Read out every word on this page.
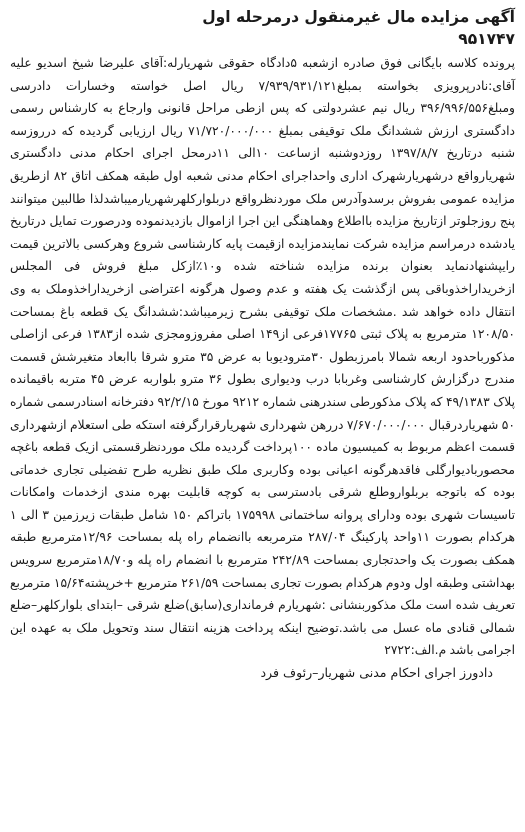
آگهی مزایده مال غیرمنقول درمرحله اول

۹۵۱۷۴۷

پرونده کلاسه بایگانی فوق صادره ازشعبه ۵دادگاه حقوقی شهریارله:آقای علیرضا شیخ اسدیو علیه آقای:نادرپرویزی بخواسته بمبلغ۷/۹۳۹/۹۳۱/۱۲۱ ریال اصل خواسته وخسارات دادرسی ومبلغ۳۹۶/۹۹۶/۵۵۶ ریال نیم عشردولتی که پس ازطی مراحل قانونی وارجاع به کارشناس رسمی دادگستری ارزش ششدانگ ملک توقیفی بمبلغ ۷۱/۷۲۰/۰۰۰/۰۰۰ ریال ارزیابی گردیده که درروزسه شنبه درتاریخ ۱۳۹۷/۸/۷ روزدوشنبه ازساعت ۱۰الی ۱۱درمحل اجرای احکام مدنی دادگستری شهریارواقع درشهریارشهرک اداری واحداجرای احکام مدنی شعبه اول طبقه همکف اتاق ۸۲ ازطریق مزایده عمومی بفروش برسدوآدرس ملک موردنظرواقع دربلوارکلهرشهریارمیباشدلذا طالبین میتوانند پنج روزجلوتر ازتاریخ مزایده بااطلاع وهماهنگی این اجرا ازاموال بازدیدنموده ودرصورت تمایل درتاریخ یادشده درمراسم مزایده شرکت نمایندمزایده ازقیمت پایه کارشناسی شروع وهرکسی بالاترین قیمت رایپشنهادنماید بعنوان برنده مزایده شناخته شده و۱۰٪ازکل مبلغ فروش فی المجلس ازخریداراخذوباقی پس ازگذشت یک هفته و عدم وصول هرگونه اعتراضی ازخریداراخذوملک به وی انتقال داده خواهد شد .مشخصات ملک توقیفی بشرح زیرمیباشد:ششدانگ یک قطعه باغ بمساحت ۱۲۰۸/۵۰ مترمربع به پلاک ثبتی ۱۷۷۶۵فرعی از۱۴۹ اصلی مفروزومجزی شده از۱۳۸۳ فرعی ازاصلی مذکورباحدود اربعه شمالا بامرزبطول ۳۰مترودیوبا به عرض ۳۵ مترو شرقا باابعاد متغیرشش قسمت مندرج درگزارش کارشناسی وغربابا درب ودیواری بطول ۳۶ مترو بلواربه عرض ۴۵ متربه باقیمانده پلاک ۴۹/۱۳۸۳ که پلاک مذکورطی سندرهنی شماره ۹۲۱۲ مورخ ۹۲/۲/۱۵ دفترخانه اسنادرسمی شماره ۵۰ شهریاردرقبال ۷/۶۷۰/۰۰۰/۰۰۰ دررهن شهرداری شهریارقرارگرفته استکه طی استعلام ازشهرداری قسمت اعظم مربوط به کمیسیون ماده ۱۰۰پرداخت گردیده ملک موردنظرقسمتی ازیک قطعه باغچه محصوربادیوارگلی فاقدهرگونه اعیانی بوده وکاربری ملک طبق نظریه طرح تفضیلی تجاری خدماتی بوده که باتوجه بربلواروطلع شرقی بادسترسی به کوچه قابلیت بهره مندی ازخدمات وامکانات تاسیسات شهری بوده ودارای پروانه ساختمانی ۱۷۵۹۹۸ باتراکم ۱۵۰ شامل طبقات زیرزمین ۳ الی ۱ هرکدام بصورت ۱۱واحد پارکینگ ۲۸۷/۰۴ مترمربعه باانضمام راه پله بمساحت ۱۲/۹۶مترمربع طبقه همکف بصورت یک واحدتجاری بمساحت ۲۴۲/۸۹ مترمربع با انضمام راه پله و۱۸/۷۰مترمربع سرویس بهداشتی وطبقه اول ودوم هرکدام بصورت تجاری بمساحت ۲۶۱/۵۹ مترمربع +خرپشته۱۵/۶۴ مترمربع تعریف شده است ملک مذکوربنشانی :شهریارم فرمانداری(سابق)ضلع شرقی –ابتدای بلوارکلهر–ضلع شمالی قنادی ماه عسل می باشد.توضیح اینکه پرداخت هزینه انتقال سند وتحویل ملک به عهده این اجرامی باشد م.الف:۲۷۲۲

دادورز اجرای احکام مدنی شهریار–رئوف فرد
